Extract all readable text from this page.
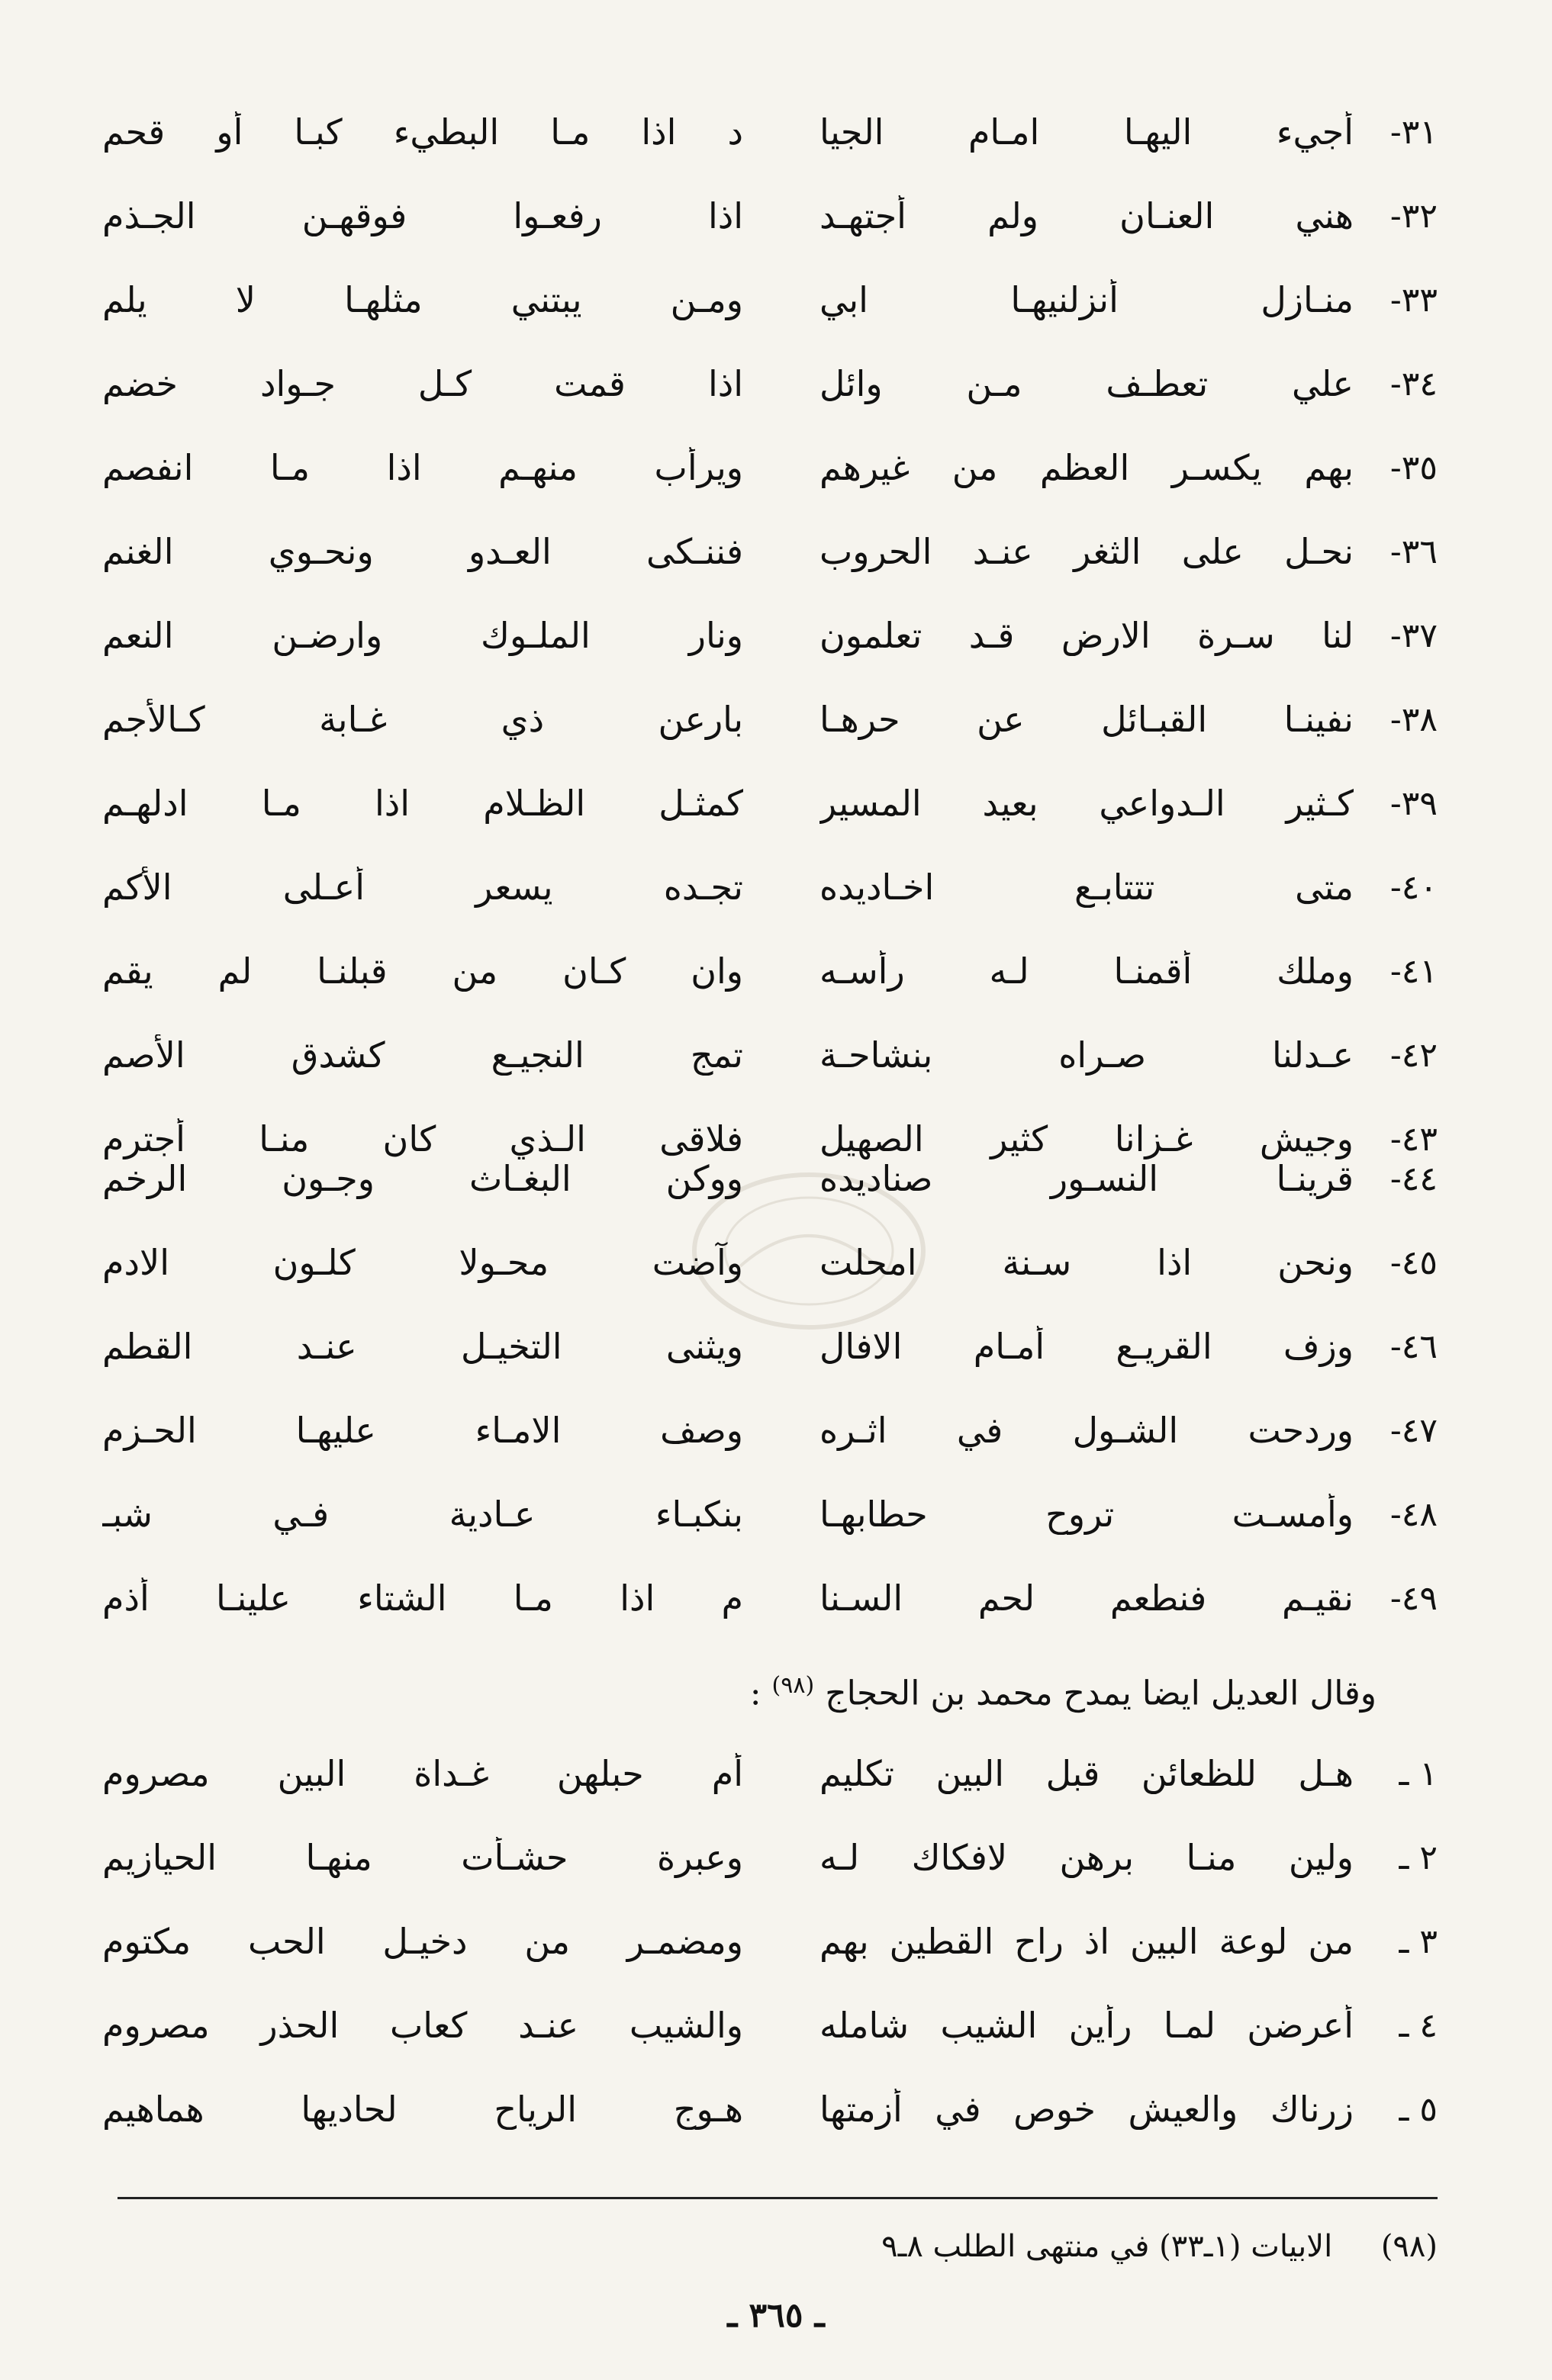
٣١-
أجيء اليهـا امـام الجيا
د اذا مـا البطيء كبـا أو قحم
٣٢-
هني العنـان ولم أجتهـد
اذا رفعـوا فوقهـن الجـذم
٣٣-
منـازل أنزلنيهـا ابي
ومـن يبتني مثلهـا لا يلم
٣٤-
علي تعطـف مـن وائل
اذا قمت كـل جـواد خضم
٣٥-
بهم يكسـر العظم من غيرهم
ويرأب منهـم اذا مـا انفصم
٣٦-
نحـل على الثغر عنـد الحروب
فننـكى العـدو ونحـوي الغنم
٣٧-
لنا سـرة الارض قـد تعلمون
ونار الملـوك وارضـن النعم
٣٨-
نفينـا القبـائل عن حرهـا
بارعن ذي غـابة كـالأجم
٣٩-
كـثير الـدواعي بعيد المسير
كمثـل الظـلام اذا مـا ادلهـم
٤٠-
متى تتتابـع اخـاديده
تجـده يسعر أعـلى الأكم
٤١-
وملك أقمنـا لـه رأسـه
وان كـان من قبلنـا لم يقم
٤٢-
عـدلنا صـراه بنشاحـة
تمج النجيـع كشدق الأصم
٤٣-
وجيش غـزانا كثير الصهيل
فلاقى الـذي كان منـا أجترم
٤٤-
قرينـا النسـور صناديده
ووكن البغـاث وجـون الرخم
٤٥-
ونحن اذا سـنة امحلت
وآضت محـولا كلـون الادم
٤٦-
وزف القريـع أمـام الافال
ويثنى التخيـل عنـد القطم
٤٧-
وردحت الشـول في اثـره
وصف الامـاء عليهـا الحـزم
٤٨-
وأمسـت تروح حطابهـا
بنكبـاء عـادية فـي شبـ
٤٩-
نقيـم فنطعم لحم السـنا
م اذا مـا الشتاء علينـا أذم
وقال العديل ايضا يمدح محمد بن الحجاج $^{(٩٨)}$ :
١ ـ
هـل للظعائن قبل البين تكليم
أم حبلهن غـداة البين مصروم
٢ ـ
ولين منـا برهن لافكاك لـه
وعبرة حشـأت منهـا الحيازيم
٣ ـ
من لوعة البين اذ راح القطين بهم
ومضمـر من دخيـل الحب مكتوم
٤ ـ
أعرضن لمـا رأين الشيب شامله
والشيب عنـد كعاب الحذر مصروم
٥ ـ
زرناك والعيش خوص في أزمتها
هـوج الرياح لحاديها هماهيم
(٩٨)     الابيات (١ـ٣٣) في منتهى الطلب ٨ـ٩
ـ ٣٦٥ ـ
